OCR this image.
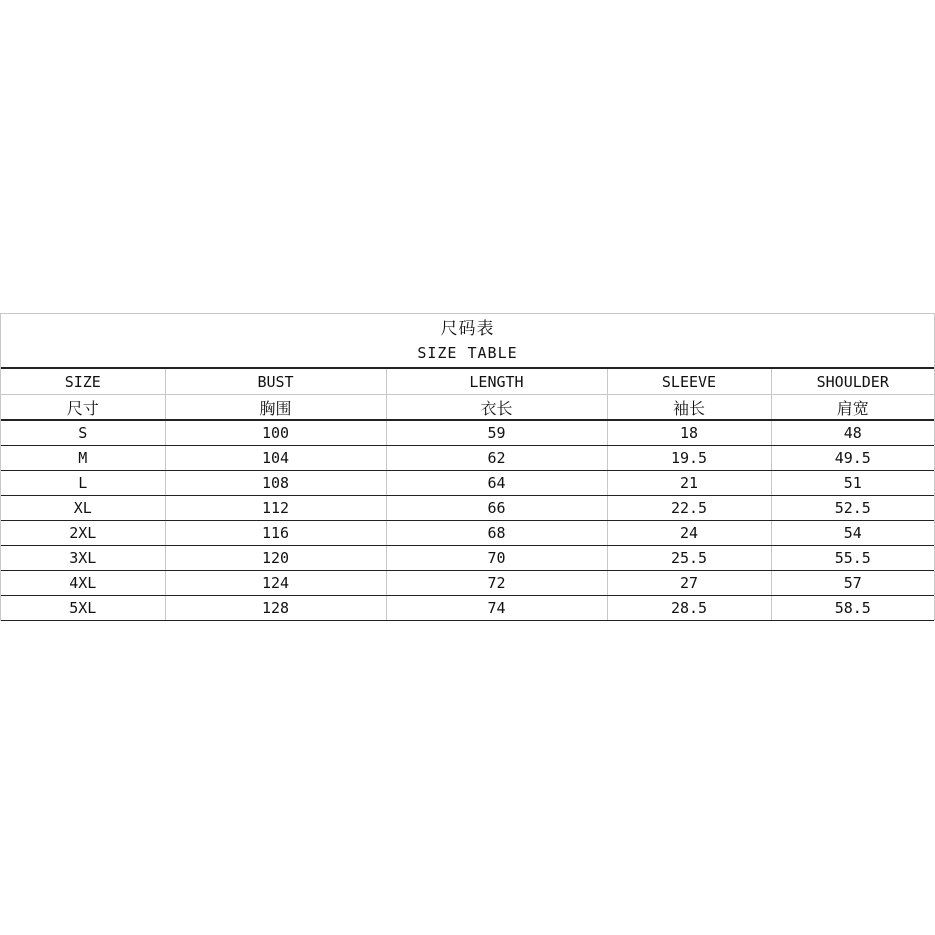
尺码表
SIZE TABLE
SIZE	BUST	LENGTH	SLEEVE	SHOULDER
尺寸	胸围	衣长	袖长	肩宽
S	100	59	18	48
M	104	62	19.5	49.5
L	108	64	21	51
XL	112	66	22.5	52.5
2XL	116	68	24	54
3XL	120	70	25.5	55.5
4XL	124	72	27	57
5XL	128	74	28.5	58.5
